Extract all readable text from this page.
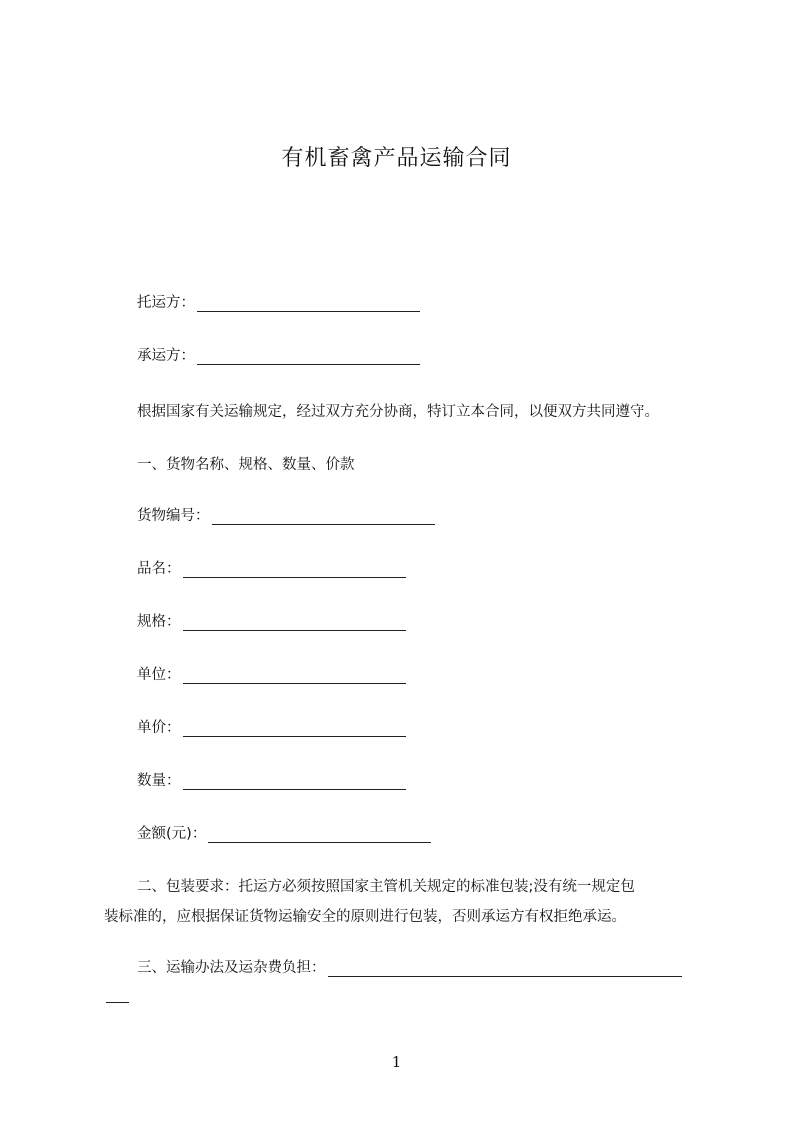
有机畜禽产品运输合同
托运方：
承运方：
根据国家有关运输规定，经过双方充分协商，特订立本合同，以便双方共同遵守。
一、货物名称、规格、数量、价款
货物编号：
品名：
规格：
单位：
单价：
数量：
金额(元)：
二、包装要求：托运方必须按照国家主管机关规定的标准包装;没有统一规定包
装标准的，应根据保证货物运输安全的原则进行包装，否则承运方有权拒绝承运。
三、运输办法及运杂费负担：
1
